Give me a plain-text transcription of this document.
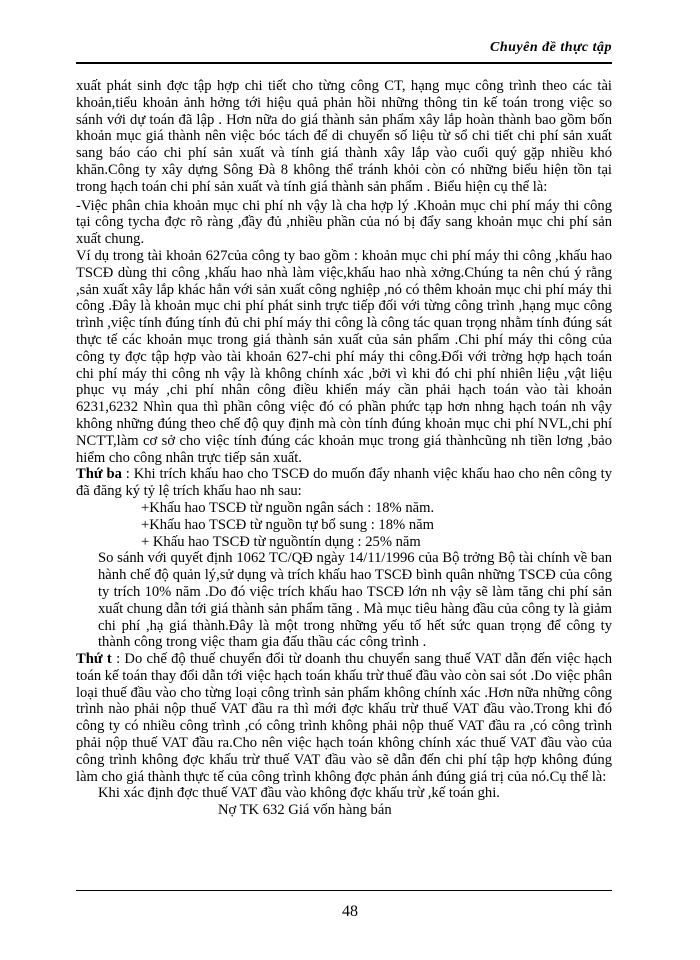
Chuyên đề thực tập

xuất phát sinh đợc tập hợp chi tiết cho từng công CT, hạng mục công trình theo các tài khoản,tiểu khoản ảnh hởng tới hiệu quả phản hồi những thông tin kế toán trong việc so sánh với dự toán đã lập . Hơn nữa do giá thành sản phẩm xây lắp hoàn thành bao gồm bốn khoản mục giá thành nên việc bóc tách để di chuyển số liệu từ sổ chi tiết chi phí sản xuất sang báo cáo chi phí sản xuất và tính giá thành xây lắp vào cuối quý gặp nhiều khó khăn.Công ty xây dựng Sông Đà 8 không thể tránh khỏi còn có những biểu hiện tồn tại trong hạch toán chi phí sản xuất và tính giá thành sản phẩm . Biểu hiện cụ thể là:

-Việc phân chia khoản mục chi phí nh vậy là cha hợp lý .Khoản mục chi phí máy thi công tại công tycha đợc rõ ràng ,đầy đủ ,nhiều phần của nó bị đẩy sang khoản mục chi phí sản xuất chung.

Ví dụ trong tài khoản 627của công ty bao gồm : khoản mục chi phí máy thi công ,khấu hao TSCĐ dùng thi công ,khấu hao nhà làm việc,khấu hao nhà xởng.Chúng ta nên chú ý rằng ,sản xuất xây lắp khác hẳn với sản xuất công nghiệp ,nó có thêm khoản mục chi phí máy thi công .Đây là khoản mục chi phí phát sinh trực tiếp đối với từng công trình ,hạng mục công trình ,việc tính đúng tính đủ chi phí máy thi công là công tác quan trọng nhằm tính đúng sát thực tế các khoản mục trong giá thành sản xuất của sản phẩm .Chi phí máy thi công của công ty đợc tập hợp vào tài khoản 627-chi phí máy thi công.Đối với trờng hợp hạch toán chi phí máy thi công nh vậy là không chính xác ,bởi vì khi đó chi phí nhiên liệu ,vật liệu phục vụ máy ,chi phí nhân công điều khiển máy cần phải hạch toán vào tài khoản 6231,6232 Nhìn qua thì phần công việc đó có phần phức tạp hơn nhng hạch toán nh vậy không những đúng theo chế độ quy định mà còn tính đúng khoản mục chi phí NVL,chi phí NCTT,làm cơ sở cho việc tính đúng các khoản mục trong giá thànhcũng nh tiền lơng ,bảo hiểm cho công nhân trực tiếp sản xuất.

Thứ ba : Khi trích khấu hao cho TSCĐ do muốn đẩy nhanh việc khấu hao cho nên công ty đã đăng ký tỷ lệ trích khấu hao nh sau:

+Khấu hao TSCĐ từ nguồn ngân sách : 18% năm.
+Khấu hao TSCĐ từ nguồn tự bổ sung : 18% năm
+ Khấu hao TSCĐ từ nguồntín dụng : 25% năm

So sánh với quyết định 1062 TC/QĐ ngày 14/11/1996 của Bộ trởng Bộ tài chính về ban hành chế độ quản lý,sử dụng và trích khấu hao TSCĐ bình quân những TSCĐ của công ty trích 10% năm .Do đó việc trích khấu hao TSCĐ lớn nh vậy sẽ làm tăng chi phí sản xuất chung dẫn tới giá thành sản phẩm tăng . Mà mục tiêu hàng đầu của công ty là giảm chi phí ,hạ giá thành.Đây là một trong những yếu tố hết sức quan trọng để công ty thành công trong việc tham gia đấu thầu các công trình .

Thứ t : Do chế độ thuế chuyển đổi từ doanh thu chuyển sang thuế VAT dẫn đến việc hạch toán kế toán thay đổi dẫn tới việc hạch toán khấu trừ thuế đầu vào còn sai sót .Do việc phân loại thuế đầu vào cho từng loại công trình sản phẩm không chính xác .Hơn nữa những công trình nào phải nộp thuế VAT đầu ra thì mới đợc khấu trừ thuế VAT đầu vào.Trong khi đó công ty có nhiều công trình ,có công trình không phải nộp thuế VAT đầu ra ,có công trình phải nộp thuế VAT đầu ra.Cho nên việc hạch toán không chính xác thuế VAT đầu vào của công trình không đợc khấu trừ thuế VAT đầu vào sẽ dẫn đến chi phí tập hợp không đúng làm cho giá thành thực tế của công trình không đợc phản ánh đúng giá trị của nó.Cụ thể là:

Khi xác định đợc thuế VAT đầu vào không đợc khấu trừ ,kế toán ghi.

Nợ TK 632 Giá vốn hàng bán

48
